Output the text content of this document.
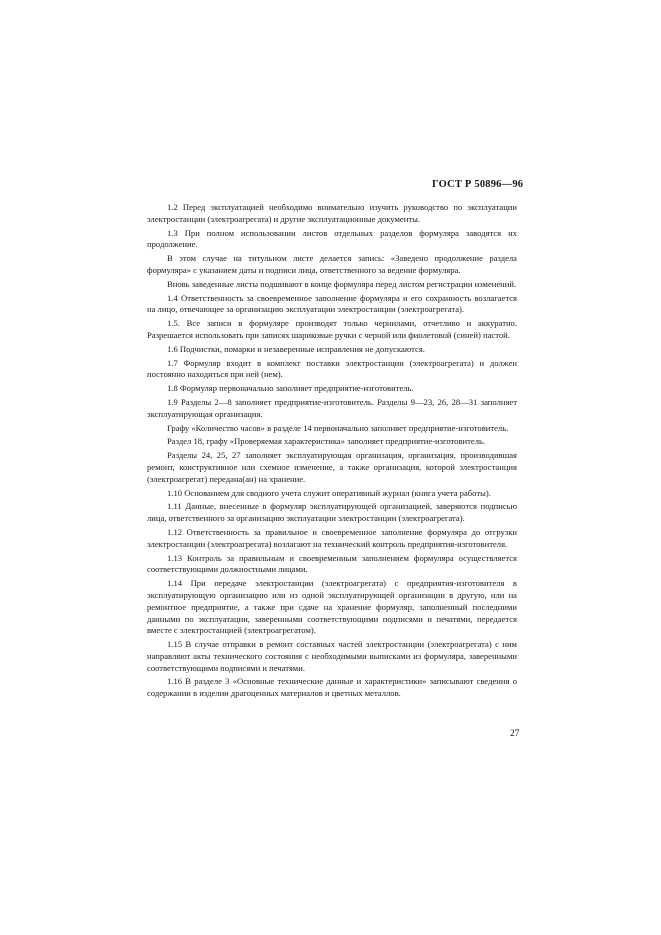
ГОСТ Р 50896—96

1.2 Перед эксплуатацией необходимо внимательно изучить руководство по эксплуатации электростанции (электроагрегата) и другие эксплуатационные документы.

1.3 При полном использовании листов отдельных разделов формуляра заводятся их продолжение.

В этом случае на титульном листе делается запись: «Заведено продолжение раздела формуляра» с указанием даты и подписи лица, ответственного за ведение формуляра.

Вновь заведенные листы подшивают в конце формуляра перед листом регистрации изменений.

1.4 Ответственность за своевременное заполнение формуляра и его сохранность возлагается на лицо, отвечающее за организацию эксплуатации электростанции (электроагрегата).

1.5. Все записи в формуляре производят только чернилами, отчетливо и аккуратно. Разрешается использовать при записях шариковые ручки с черной или фиолетовой (синей) пастой.

1.6 Подчистки, помарки и незаверенные исправления не допускаются.

1.7 Формуляр входит в комплект поставки электростанции (электроагрегата) и должен постоянно находиться при ней (нем).

1.8 Формуляр первоначально заполняет предприятие-изготовитель.

1.9 Разделы 2—8 заполняет предприятие-изготовитель. Разделы 9—23, 26, 28—31 заполняет эксплуатирующая организация.

Графу «Количество часов» в разделе 14 первоначально заполняет предприятие-изготовитель.

Раздел 18, графу «Проверяемая характеристика» заполняет предприятие-изготовитель.

Разделы 24, 25, 27 заполняет эксплуатирующая организация, организация, производившая ремонт, конструктивное или схемное изменение, а также организация, которой электростанция (электроагрегат) передана(ан) на хранение.

1.10 Основанием для сводного учета служит оперативный журнал (книга учета работы).

1.11 Данные, внесенные в формуляр эксплуатирующей организацией, заверяются подписью лица, ответственного за организацию эксплуатации электростанции (электроагрегата).

1.12 Ответственность за правильное и своевременное заполнение формуляра до отгрузки электростанции (электроагрегата) возлагают на технический контроль предприятия-изготовителя.

1.13 Контроль за правильным и своевременным заполнением формуляра осуществляется соответствующими должностными лицами.

1.14 При передаче электростанции (электроагрегата) с предприятия-изготовителя в эксплуатирующую организацию или из одной эксплуатирующей организации в другую, или на ремонтное предприятие, а также при сдаче на хранение формуляр, заполненный последними данными по эксплуатации, заверенными соответствующими подписями и печатями, передается вместе с электростанцией (электроагрегатом).

1.15 В случае отправки в ремонт составных частей электростанции (электроагрегата) с ним направляют акты технического состояния с необходимыми выписками из формуляра, заверенными соответствующими подписями и печатями.

1.16 В разделе 3 «Основные технические данные и характеристики» записывают сведения о содержании в изделии драгоценных материалов и цветных металлов.

27
